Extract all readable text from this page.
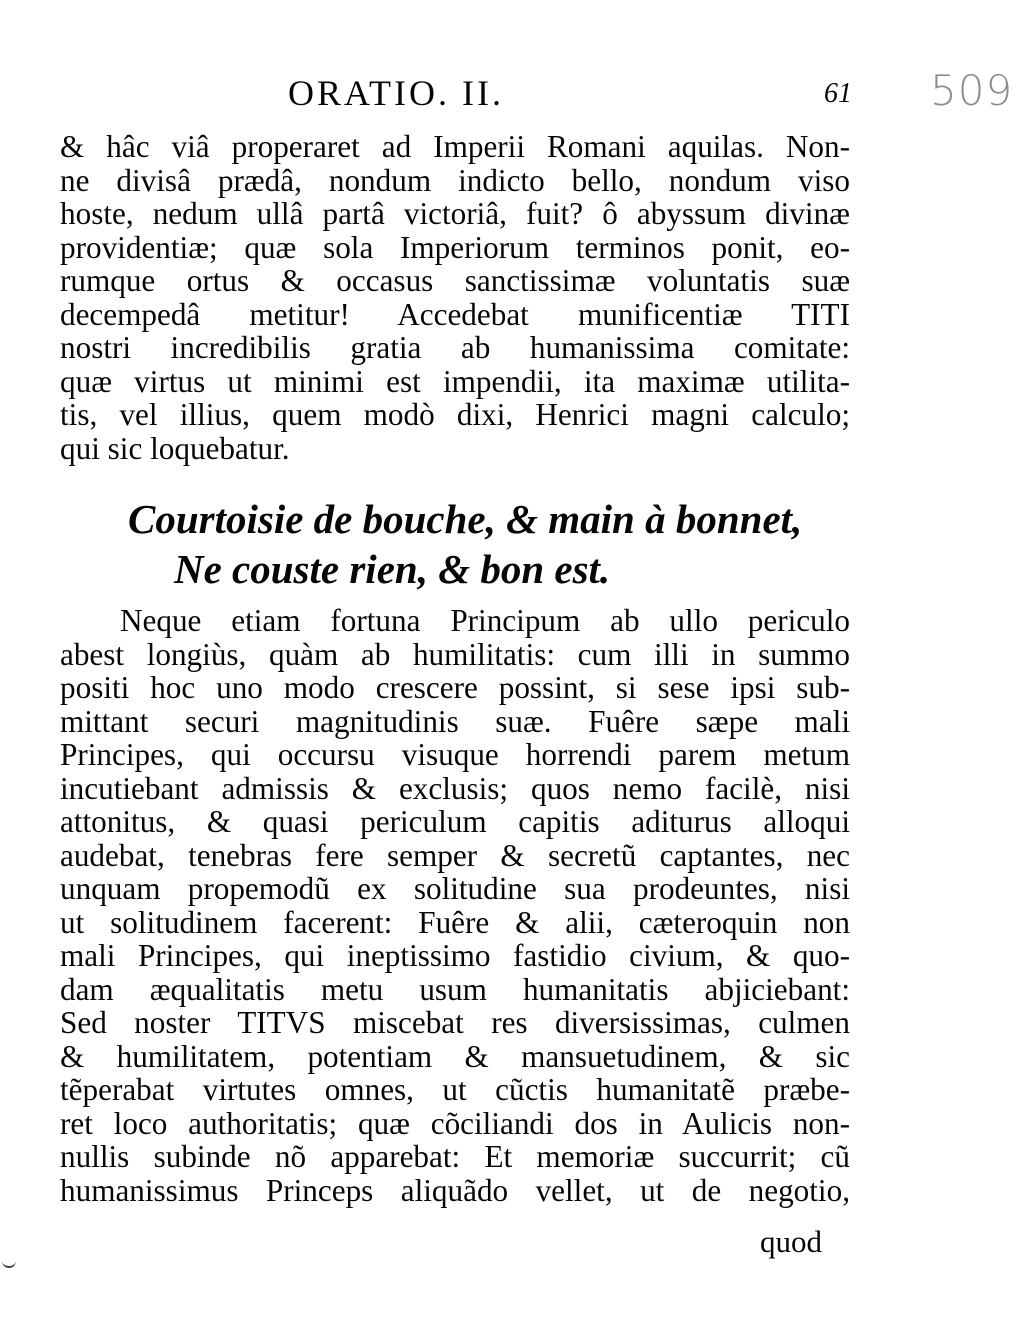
ORATIO. II.	61 509
& hâc viâ properaret ad Imperii Romani aquilas. Non-
ne divisâ prædâ, nondum indicto bello, nondum viso
hoste, nedum ullâ partâ victoriâ, fuit? ô abyssum divinæ
providentiæ; quæ sola Imperiorum terminos ponit, eo-
rumque ortus & occasus sanctissimæ voluntatis suæ
decempedâ metitur! Accedebat munificentiæ TITI
nostri incredibilis gratia ab humanissima comitate:
quæ virtus ut minimi est impendii, ita maximæ utilita-
tis, vel illius, quem modò dixi, Henrici magni calculo;
qui sic loquebatur.
Courtoisie de bouche, & main à bonnet,
Ne couste rien, & bon est.
Neque etiam fortuna Principum ab ullo periculo
abest longiùs, quàm ab humilitatis: cum illi in summo
positi hoc uno modo crescere possint, si sese ipsi sub-
mittant securi magnitudinis suæ. Fuêre sæpe mali
Principes, qui occursu visuque horrendi parem metum
incutiebant admissis & exclusis; quos nemo facilè, nisi
attonitus, & quasi periculum capitis aditurus alloqui
audebat, tenebras fere semper & secretũ captantes, nec
unquam propemodũ ex solitudine sua prodeuntes, nisi
ut solitudinem facerent: Fuêre & alii, cæteroquin non
mali Principes, qui ineptissimo fastidio civium, & quo-
dam æqualitatis metu usum humanitatis abjiciebant:
Sed noster TITVS miscebat res diversissimas, culmen
& humilitatem, potentiam & mansuetudinem, & sic
tẽperabat virtutes omnes, ut cũctis humanitatẽ præbe-
ret loco authoritatis; quæ cõciliandi dos in Aulicis non-
nullis subinde nõ apparebat: Et memoriæ succurrit; cũ
humanissimus Princeps aliquãdo vellet, ut de negotio,
quod
